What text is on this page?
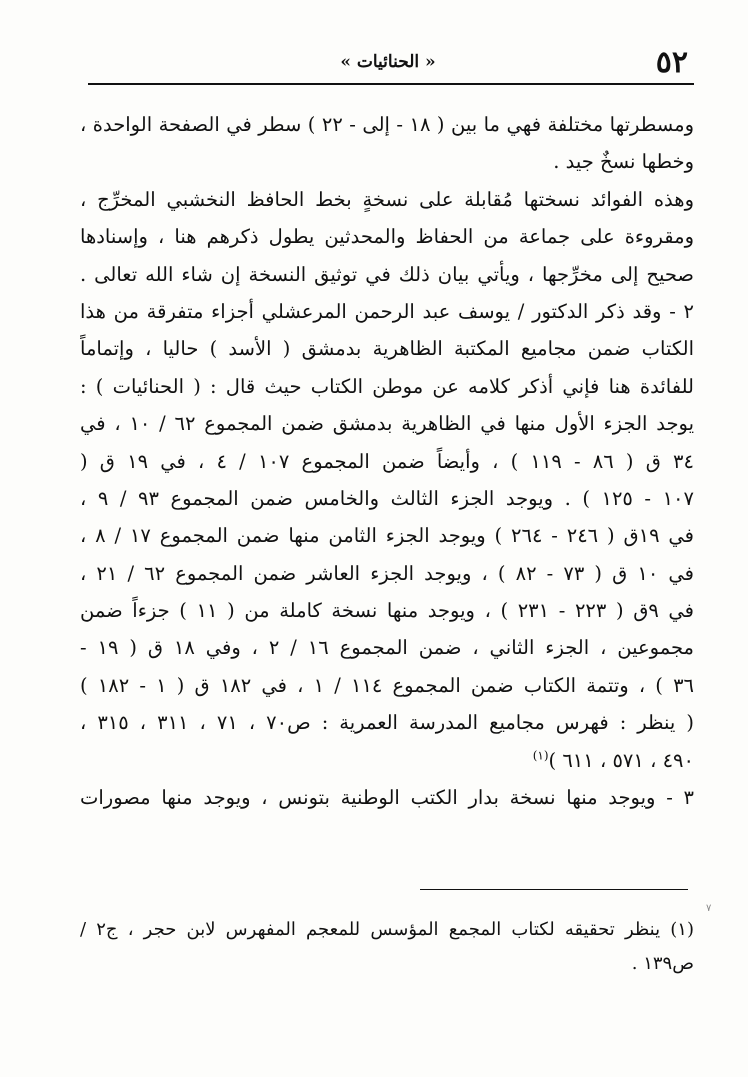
٥٢
« الحنائيات »
ومسطرتها مختلفة فهي ما بين ( ١٨ - إلى - ٢٢ ) سطر في الصفحة الواحدة ،
وخطها نسخٌ جيد .
وهذه الفوائد نسختها مُقابلة على نسخةٍ بخط الحافظ النخشبي المخرِّج ،
ومقروءة على جماعة من الحفاظ والمحدثين يطول ذكرهم هنا ، وإسنادها
صحيح إلى مخرِّجها ، ويأتي بيان ذلك في توثيق النسخة إن شاء الله تعالى .
٢ - وقد ذكر الدكتور / يوسف عبد الرحمن المرعشلي أجزاء متفرقة من هذا
الكتاب ضمن مجاميع المكتبة الظاهرية بدمشق ( الأسد ) حاليا ، وإتماماً
للفائدة هنا فإني أذكر كلامه عن موطن الكتاب حيث قال : ( الحنائيات ) :
يوجد الجزء الأول منها في الظاهرية بدمشق ضمن المجموع ٦٢ / ١٠ ، في
٣٤ ق ( ٨٦ - ١١٩ ) ، وأيضاً ضمن المجموع ١٠٧ / ٤ ، في ١٩ ق (
١٠٧ - ١٢٥ ) . ويوجد الجزء الثالث والخامس ضمن المجموع ٩٣ / ٩ ،
في ١٩ق ( ٢٤٦ - ٢٦٤ ) ويوجد الجزء الثامن منها ضمن المجموع ١٧ / ٨ ،
في ١٠ ق ( ٧٣ - ٨٢ ) ، ويوجد الجزء العاشر ضمن المجموع ٦٢ / ٢١ ،
في ٩ق ( ٢٢٣ - ٢٣١ ) ، ويوجد منها نسخة كاملة من ( ١١ ) جزءاً ضمن
مجموعين ، الجزء الثاني ، ضمن المجموع ١٦ / ٢ ، وفي ١٨ ق ( ١٩ -
٣٦ ) ، وتتمة الكتاب ضمن المجموع ١١٤ / ١ ، في ١٨٢ ق ( ١ - ١٨٢ )
( ينظر : فهرس مجاميع المدرسة العمرية : ص٧٠ ، ٧١ ، ٣١١ ، ٣١٥ ،
٤٩٠ ، ٥٧١ ، ٦١١ )$^{(١)}$
٣ - ويوجد منها نسخة بدار الكتب الوطنية بتونس ، ويوجد منها مصورات
٧
(١) ينظر تحقيقه لكتاب المجمع المؤسس للمعجم المفهرس لابن حجر ، ج٢ /
ص١٣٩ .
